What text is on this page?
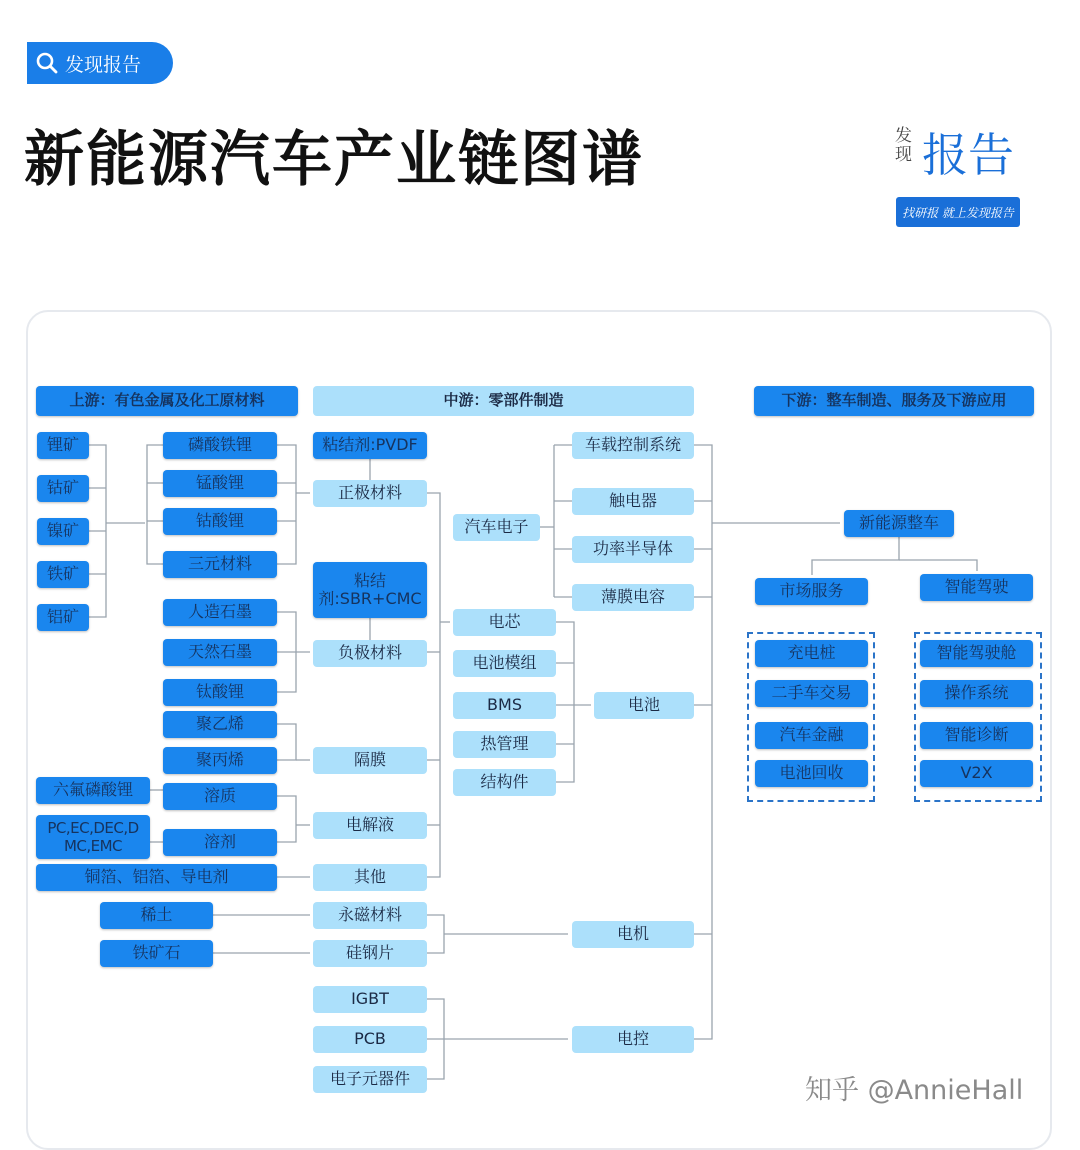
发现报告
新能源汽车产业链图谱	发现 报告
找研报 就上发现报告
上游：有色金属及化工原材料	中游：零部件制造	下游：整车制造、服务及下游应用
锂矿
钴矿
镍矿
铁矿
铝矿
磷酸铁锂
锰酸锂
钴酸锂
三元材料
人造石墨
天然石墨
钛酸锂
聚乙烯
聚丙烯
溶质
溶剂
六氟磷酸锂
PC,EC,DEC,DMC,EMC
铜箔、铝箔、导电剂
稀土
铁矿石
粘结剂:PVDF
正极材料
粘结剂:SBR+CMC
负极材料
隔膜
电解液
其他
永磁材料
硅钢片
IGBT
PCB
电子元器件
汽车电子
电池
电机
电控
新能源整车
市场服务	智能驾驶
车载控制系统
触电器
功率半导体
薄膜电容
电芯
电池模组
BMS
热管理
结构件
充电桩
二手车交易
汽车金融
电池回收
智能驾驶舱
操作系统
智能诊断
V2X
知乎 @AnnieHall
